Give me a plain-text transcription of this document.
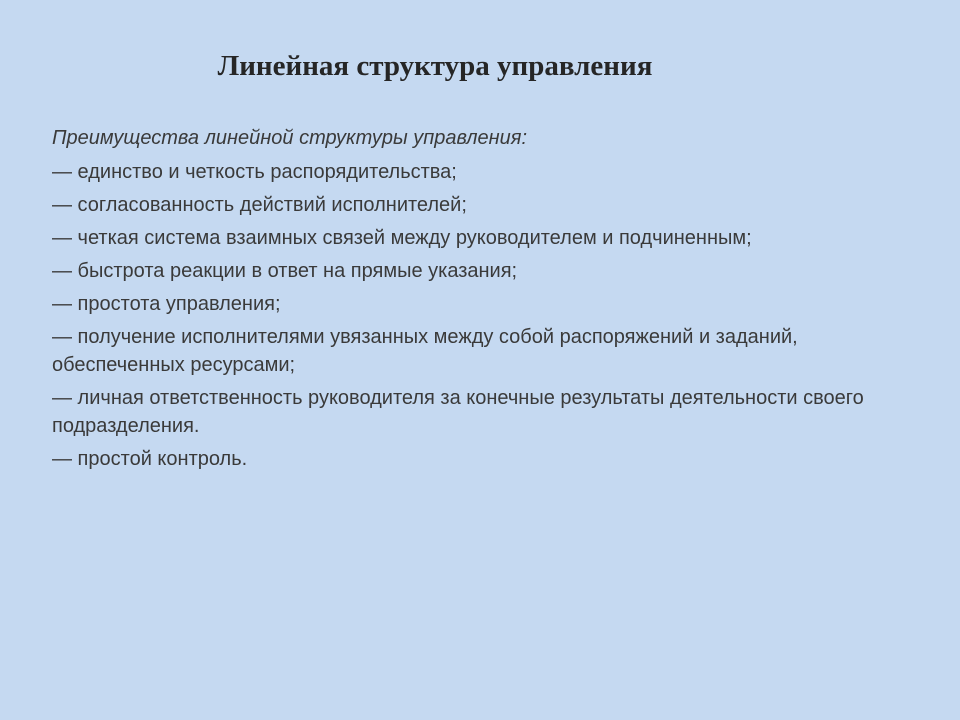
Линейная структура управления
Преимущества линейной структуры управления:
— единство и четкость распорядительства;
— согласованность действий исполнителей;
— четкая система взаимных связей между руководителем и подчиненным;
— быстрота реакции в ответ на прямые указания;
— простота управления;
— получение исполнителями увязанных между собой распоряжений и заданий, обеспеченных ресурсами;
— личная ответственность руководителя за конечные результаты деятельности своего подразделения.
— простой контроль.
